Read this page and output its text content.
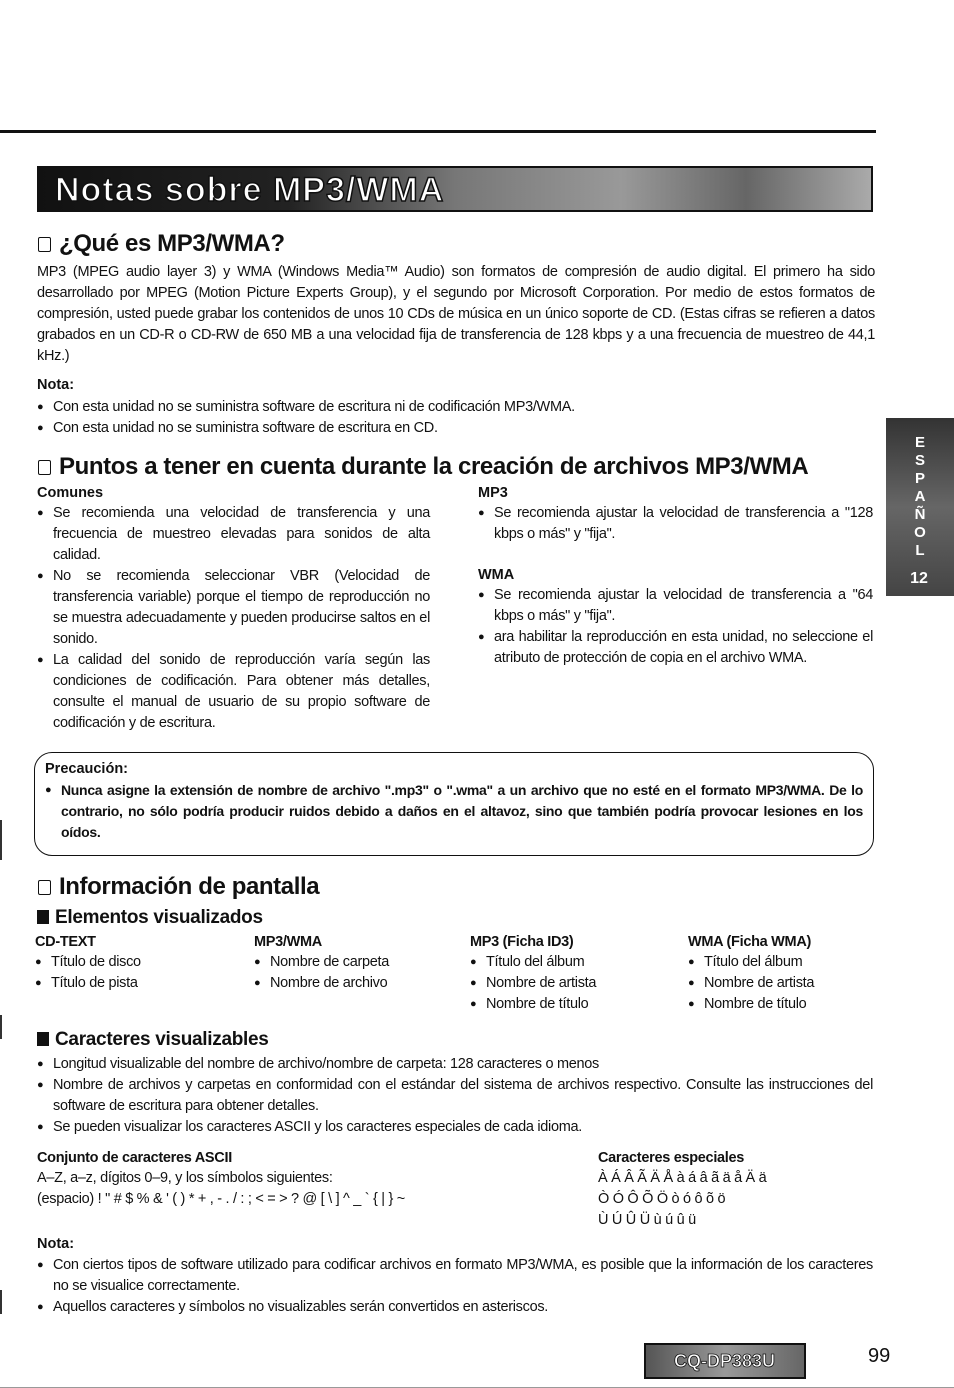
Notas sobre MP3/WMA
¿Qué es MP3/WMA?
MP3 (MPEG audio layer 3) y WMA (Windows Media™ Audio) son formatos de compresión de audio digital. El primero ha sido desarrollado por MPEG (Motion Picture Experts Group), y el segundo por Microsoft Corporation. Por medio de estos formatos de compresión, usted puede grabar los contenidos de unos 10 CDs de música en un único soporte de CD. (Estas cifras se refieren a datos grabados en un CD-R o CD-RW de 650 MB a una velocidad fija de transferencia de 128 kbps y a una frecuencia de muestreo de 44,1 kHz.)
Nota:
● Con esta unidad no se suministra software de escritura ni de codificación MP3/WMA.
● Con esta unidad no se suministra software de escritura en CD.
Puntos a tener en cuenta durante la creación de archivos MP3/WMA
Comunes
● Se recomienda una velocidad de transferencia y una frecuencia de muestreo elevadas para sonidos de alta calidad.
● No se recomienda seleccionar VBR (Velocidad de transferencia variable) porque el tiempo de reproducción no se muestra adecuadamente y pueden producirse saltos en el sonido.
● La calidad del sonido de reproducción varía según las condiciones de codificación. Para obtener más detalles, consulte el manual de usuario de su propio software de codificación y de escritura.
MP3
● Se recomienda ajustar la velocidad de transferencia a "128 kbps o más" y "fija".
WMA
● Se recomienda ajustar la velocidad de transferencia a "64 kbps o más" y "fija".
● ara habilitar la reproducción en esta unidad, no seleccione el atributo de protección de copia en el archivo WMA.
E
S
P
A
Ñ
O
L
12
Precaución:
● Nunca asigne la extensión de nombre de archivo ".mp3" o ".wma" a un archivo que no esté en el formato MP3/WMA. De lo contrario, no sólo podría producir ruidos debido a daños en el altavoz, sino que también podría provocar lesiones en los oídos.
Información de pantalla
Elementos visualizados
CD-TEXT
● Título de disco
● Título de pista
MP3/WMA
● Nombre de carpeta
● Nombre de archivo
MP3 (Ficha ID3)
● Título del álbum
● Nombre de artista
● Nombre de título
WMA (Ficha WMA)
● Título del álbum
● Nombre de artista
● Nombre de título
Caracteres visualizables
● Longitud visualizable del nombre de archivo/nombre de carpeta: 128 caracteres o menos
● Nombre de archivos y carpetas en conformidad con el estándar del sistema de archivos respectivo. Consulte las instrucciones del software de escritura para obtener detalles.
● Se pueden visualizar los caracteres ASCII y los caracteres especiales de cada idioma.
Conjunto de caracteres ASCII
A–Z, a–z, dígitos 0–9, y los símbolos siguientes:
(espacio) ! " # $ % & ' ( ) * + , - . / : ; < = > ? @ [ \ ] ^ _ ` { | } ~
Caracteres especiales
À Á Â Ã Ä Å à á â ã ä å Ä ä
Ò Ó Ô Õ Ö ò ó ô õ ö
Ù Ú Û Ü ù ú û ü
Nota:
● Con ciertos tipos de software utilizado para codificar archivos en formato MP3/WMA, es posible que la información de los caracteres no se visualice correctamente.
● Aquellos caracteres y símbolos no visualizables serán convertidos en asteriscos.
CQ-DP383U	99
